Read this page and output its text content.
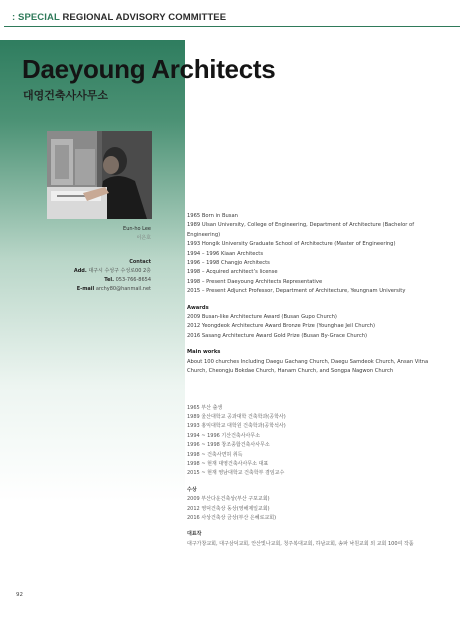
: SPECIAL REGIONAL ADVISORY COMMITTEE
Daeyoung Architects
대영건축사사무소
Eun-ho Lee
이은호
Contact
Add. 대구시 수성구 수성로00 2층
Tel. 053-766-8654
E-mail archy80@hanmail.net
1965 Born in Busan
1989 Ulsan University, College of Engineering, Department of Architecture (Bachelor of Engineering)
1993 Hongik University Graduate School of Architecture (Master of Engineering)
1994 – 1996 Kiaan Architects
1996 – 1998 Changjo Architects
1998 – Acquired architect’s license
1998 – Present Daeyoung Architects Representative
2015 – Present Adjunct Professor, Department of Architecture, Yeungnam University
Awards
2009 Busan-like Architecture Award (Busan Gupo Church)
2012 Yeongdeok Architecture Award Bronze Prize (Younghae Jeil Church)
2016 Sasang Architecture Award Gold Prize (Busan By-Grace Church)
Main works
About 100 churches Including Daegu Gachang Church, Daegu Samdeok Church, Ansan Vitna Church, Cheongju Bokdae Church, Hanam Church, and Songpa Nagwon Church
1965 부산 출생
1989 울산대학교 공과대학 건축학과(공학사)
1993 홍익대학교 대학원 건축학과(공학석사)
1994 ~ 1996 기산건축사사무소
1996 ~ 1998 창조종합건축사사무소
1998 ~ 건축사면허 취득
1998 ~ 현재 대영건축사사무소 대표
2015 ~ 현재 영남대학교 건축학부 겸임교수
수상
2009 부산다운건축상(부산 구포교회)
2012 영덕건축상 동상(영해제일교회)
2016 사상건축상 금상(부산 은혜로교회)
대표작
대구가창교회, 대구삼덕교회, 안산빛나교회, 청주복대교회, 하남교회, 송파 낙원교회 외 교회 100여 작품
92
